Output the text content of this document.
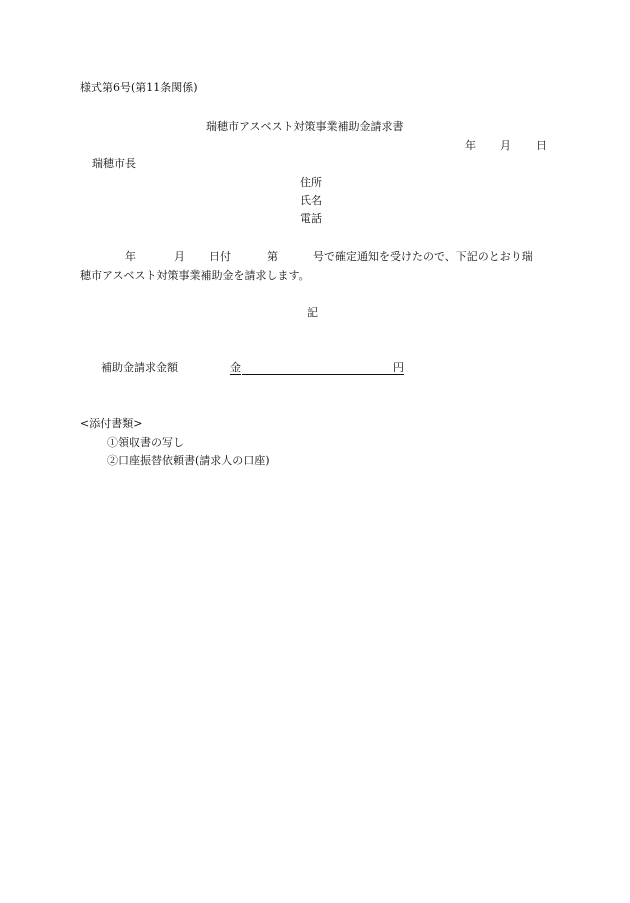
様式第6号(第11条関係)
瑞穂市アスベスト対策事業補助金請求書
年 月 日
瑞穂市長
住所
氏名
電話
年	月 日付	第	号で確定通知を受けたので、下記のとおり瑞
穂市アスベスト対策事業補助金を請求します。
記
補助金請求金額	金	円
<添付書類>
①領収書の写し
②口座振替依頼書(請求人の口座)
